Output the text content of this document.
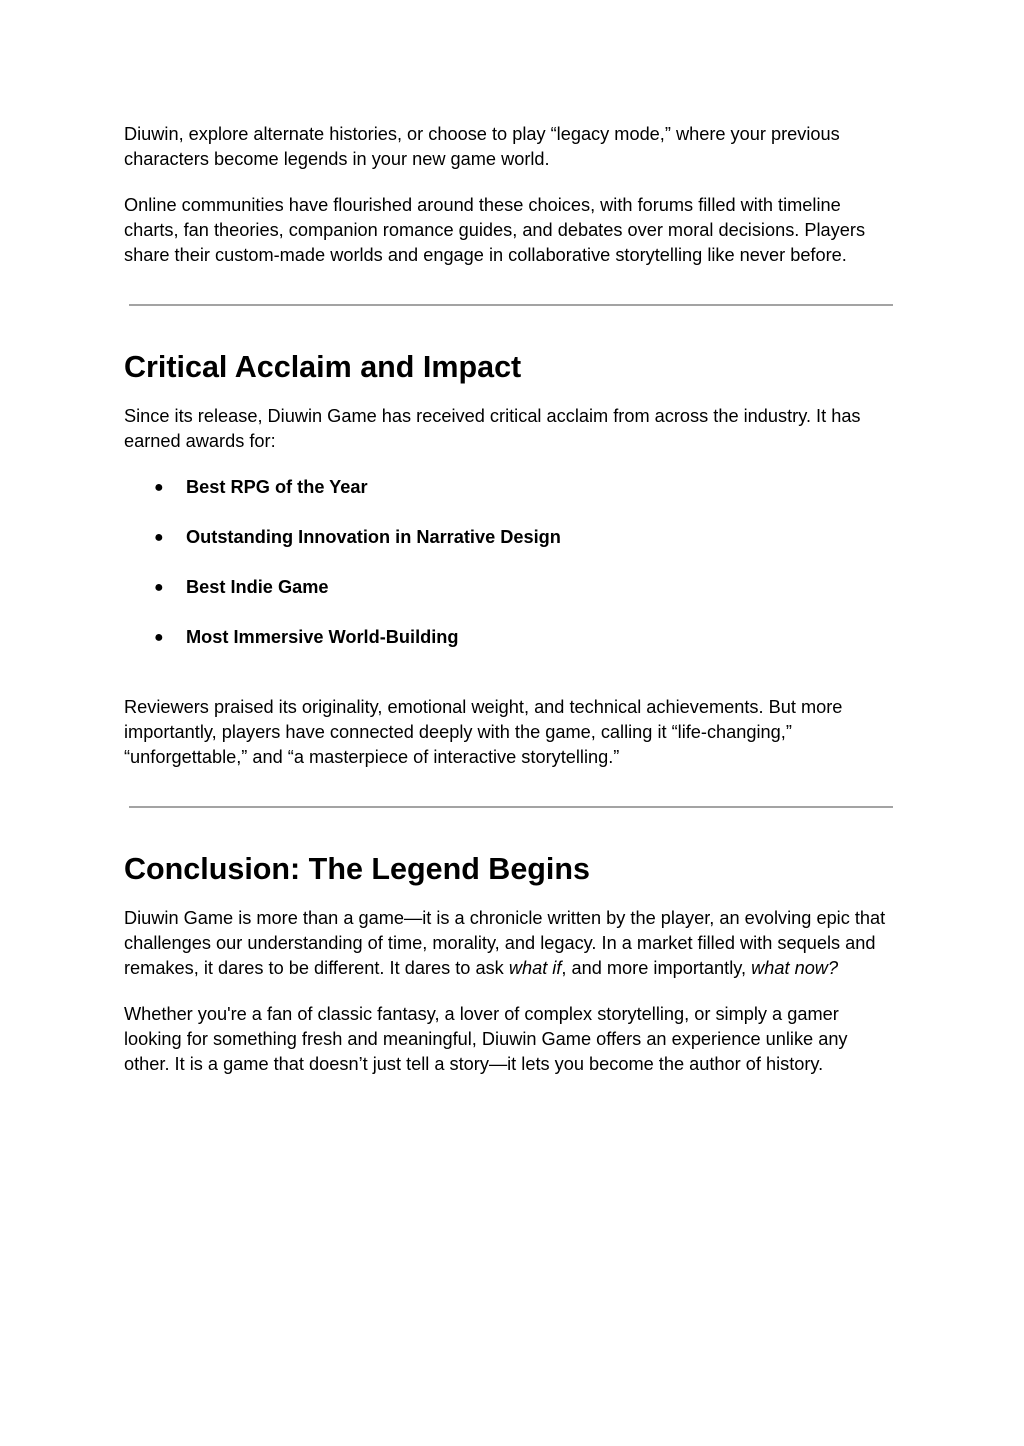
Diuwin, explore alternate histories, or choose to play “legacy mode,” where your previous characters become legends in your new game world.

Online communities have flourished around these choices, with forums filled with timeline charts, fan theories, companion romance guides, and debates over moral decisions. Players share their custom-made worlds and engage in collaborative storytelling like never before.

Critical Acclaim and Impact

Since its release, Diuwin Game has received critical acclaim from across the industry. It has earned awards for:

● Best RPG of the Year
● Outstanding Innovation in Narrative Design
● Best Indie Game
● Most Immersive World-Building

Reviewers praised its originality, emotional weight, and technical achievements. But more importantly, players have connected deeply with the game, calling it “life-changing,” “unforgettable,” and “a masterpiece of interactive storytelling.”

Conclusion: The Legend Begins

Diuwin Game is more than a game—it is a chronicle written by the player, an evolving epic that challenges our understanding of time, morality, and legacy. In a market filled with sequels and remakes, it dares to be different. It dares to ask what if, and more importantly, what now?

Whether you're a fan of classic fantasy, a lover of complex storytelling, or simply a gamer looking for something fresh and meaningful, Diuwin Game offers an experience unlike any other. It is a game that doesn’t just tell a story—it lets you become the author of history.
